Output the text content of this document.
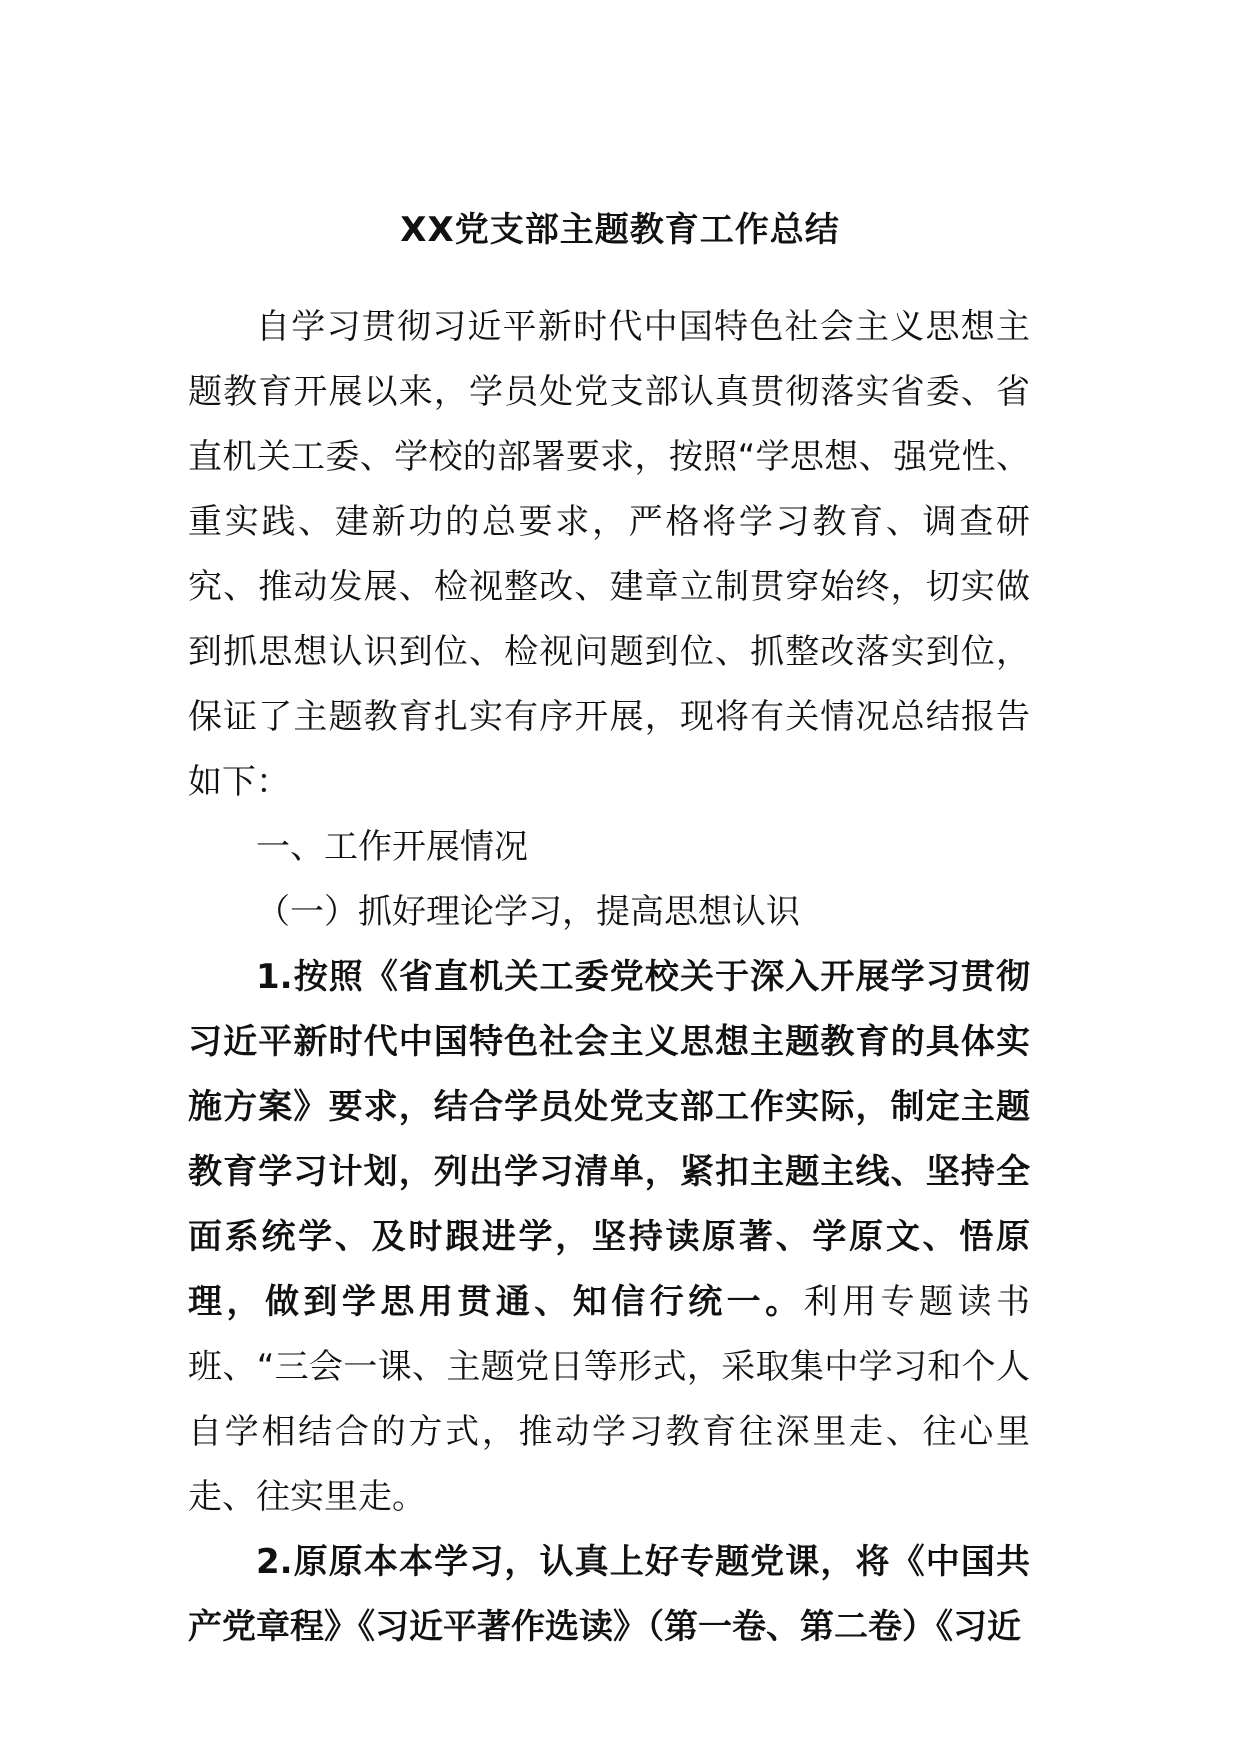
XX党支部主题教育工作总结

自学习贯彻习近平新时代中国特色社会主义思想主题教育开展以来，学员处党支部认真贯彻落实省委、省直机关工委、学校的部署要求，按照“学思想、强党性、重实践、建新功的总要求，严格将学习教育、调查研究、推动发展、检视整改、建章立制贯穿始终，切实做到抓思想认识到位、检视问题到位、抓整改落实到位，保证了主题教育扎实有序开展，现将有关情况总结报告如下：

一、工作开展情况

（一）抓好理论学习，提高思想认识

1.按照《省直机关工委党校关于深入开展学习贯彻习近平新时代中国特色社会主义思想主题教育的具体实施方案》要求，结合学员处党支部工作实际，制定主题教育学习计划，列出学习清单，紧扣主题主线、坚持全面系统学、及时跟进学，坚持读原著、学原文、悟原理，做到学思用贯通、知信行统一。利用专题读书班、“三会一课、主题党日等形式，采取集中学习和个人自学相结合的方式，推动学习教育往深里走、往心里走、往实里走。

2.原原本本学习，认真上好专题党课，将《中国共产党章程》《习近平著作选读》（第一卷、第二卷）《习近
